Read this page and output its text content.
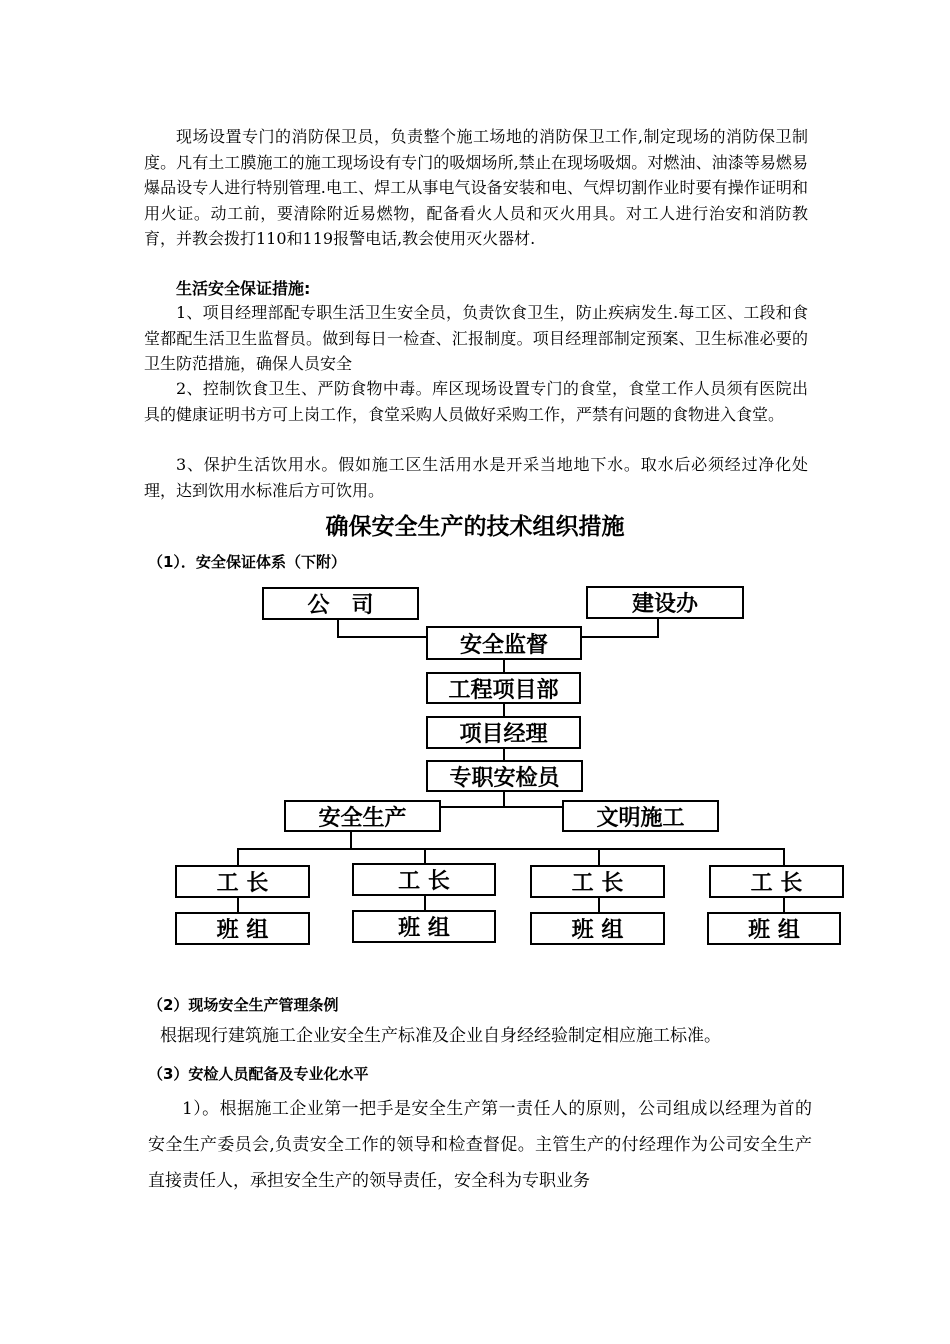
现场设置专门的消防保卫员，负责整个施工场地的消防保卫工作,制定现场的消防保卫制度。凡有土工膜施工的施工现场设有专门的吸烟场所,禁止在现场吸烟。对燃油、油漆等易燃易爆品设专人进行特别管理.电工、焊工从事电气设备安装和电、气焊切割作业时要有操作证明和用火证。动工前，要清除附近易燃物，配备看火人员和灭火用具。对工人进行治安和消防教育，并教会拨打110和119报警电话,教会使用灭火器材.

生活安全保证措施:

1、项目经理部配专职生活卫生安全员，负责饮食卫生，防止疾病发生.每工区、工段和食堂都配生活卫生监督员。做到每日一检查、汇报制度。项目经理部制定预案、卫生标准必要的卫生防范措施，确保人员安全

2、控制饮食卫生、严防食物中毒。库区现场设置专门的食堂，食堂工作人员须有医院出具的健康证明书方可上岗工作，食堂采购人员做好采购工作，严禁有问题的食物进入食堂。

3、保护生活饮用水。假如施工区生活用水是开采当地地下水。取水后必须经过净化处理，达到饮用水标准后方可饮用。

确保安全生产的技术组织措施

（1）．安全保证体系（下附）

公　司	建设办
安全监督
工程项目部
项目经理
专职安检员
安全生产	文明施工
工 长	工 长	工 长	工 长
班 组	班 组	班 组	班 组

（2）现场安全生产管理条例

根据现行建筑施工企业安全生产标准及企业自身经经验制定相应施工标准。

（3）安检人员配备及专业化水平

1）。根据施工企业第一把手是安全生产第一责任人的原则，公司组成以经理为首的安全生产委员会,负责安全工作的领导和检查督促。主管生产的付经理作为公司安全生产直接责任人，承担安全生产的领导责任，安全科为专职业务
